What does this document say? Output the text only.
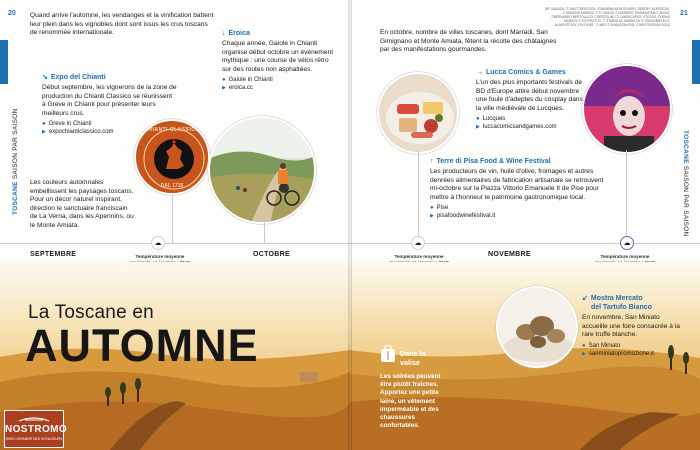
20
TOSCANE SAISON PAR SAISON

Quand arrive l'automne, les vendanges et la vinification battent leur plein dans les vignobles dont sont issus les crus toscans de renommée internationale.

↘ Expo del Chianti

Début septembre, les vignerons de la zone de production du Chianti Classico se réunissent à Greve in Chianti pour présenter leurs meilleurs crus.

● Greve in Chianti
▶ expochianticlassico.com
↓ Eroica

Chaque année, Gaiole in Chianti organise début octobre un événement mythique : une course de vélos rétro sur des routes non asphaltées.

● Gaiole in Chianti
▶ eroica.cc
CHIANTI CLASSICO
DAL 1716

Les couleurs automnales embellissent les paysages toscans. Pour un décor naturel inspirant, direction le sanctuaire franciscain de La Verna, dans les Apennins, ou le Monte Amiata.

SEPTEMBRE	OCTOBRE
☁
Température moyenne
La Toscane en
AUTOMNE
NOSTROMO
WEB CORSAIRE DES VOYAGEURS
21
DR. SAKAZAÏ. © SHUTTERSTOCK. ©DAMIENA MONTENORO. SERGEY KLEPOCOV, © MAGNUS MANSKE © P. THIAGO © NORBERT KHANNAFIMA © AEGIS. ©BERNARDO BERTOLUCCI © BERTOLINI / © LANDSCAPES. STOCKS. ©DENIS MARKOV © P.E.PHOTOS. © STANISLAV SAMOILOV © ONGUNBETELG. ALAMYSTOCK, PIX FA BS - © WEZ © SHAUGENVOGL © WESTDESIGN SOLE
TOSCANE SAISON PAR SAISON

En octobre, nombre de villes toscanes, dont Marradi, San Gimignano et Monte Amiata, fêtent la récolte des châtaignes par des manifestations gourmandes.

→ Lucca Comics & Games

L'un des plus importants festivals de BD d'Europe attire début novembre une foule d'adeptes du cosplay dans la ville médiévale de Lucques.

● Lucques
▶ luccacomicsandgames.com
↑ Terre di Pisa Food & Wine Festival

Les producteurs de vin, huile d'olive, fromages et autres denrées alimentaires de fabrication artisanale se retrouvent mi-octobre sur la Piazza Vittorio Emanuele II de Pise pour mettre à l'honneur le patrimoine gastronomique local.

● Pise
▶ pisafoodwinefestival.it
NOVEMBRE
☁
Température moyenne
☁
Température moyenne
↙ Mostra Mercato
del Tartufo Bianco

En novembre, San Miniato accueille une foire consacrée à la rare truffe blanche.

● San Miniato
▶ sanminiatopromozione.it
Dans la valise

Les soirées peuvent être plutôt fraîches. Apportez une petite laine, un vêtement imperméable et des chaussures confortables.
